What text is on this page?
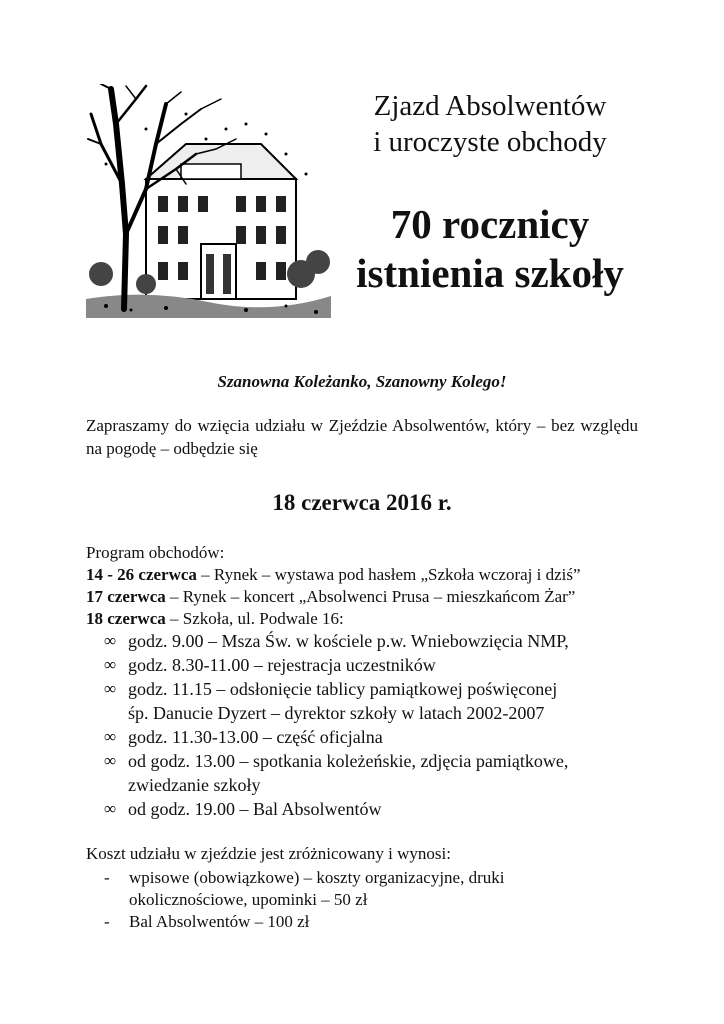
Zjazd Absolwentów

i uroczyste obchody

70 rocznicy
istnienia szkoły
Szanowna Koleżanko, Szanowny Kolego!
Zapraszamy do wzięcia udziału w Zjeździe Absolwentów, który – bez względu na pogodę – odbędzie się
18 czerwca 2016 r.

Program obchodów:

14 - 26 czerwca – Rynek – wystawa pod hasłem „Szkoła wczoraj i dziś”

17 czerwca – Rynek – koncert „Absolwenci Prusa – mieszkańcom Żar”

18 czerwca – Szkoła, ul. Podwale 16:

∞ godz. 9.00 – Msza Św. w kościele p.w. Wniebowzięcia NMP,

∞ godz. 8.30-11.00 – rejestracja uczestników

∞ godz. 11.15 – odsłonięcie tablicy pamiątkowej poświęconej
śp. Danucie Dyzert – dyrektor szkoły w latach 2002-2007

∞ godz. 11.30-13.00 – część oficjalna

∞ od godz. 13.00 – spotkania koleżeńskie, zdjęcia pamiątkowe,
zwiedzanie szkoły

∞ od godz. 19.00 – Bal Absolwentów

Koszt udziału w zjeździe jest zróżnicowany i wynosi:

- wpisowe (obowiązkowe) – koszty organizacyjne, druki
okolicznościowe, upominki – 50 zł

- Bal Absolwentów – 100 zł
